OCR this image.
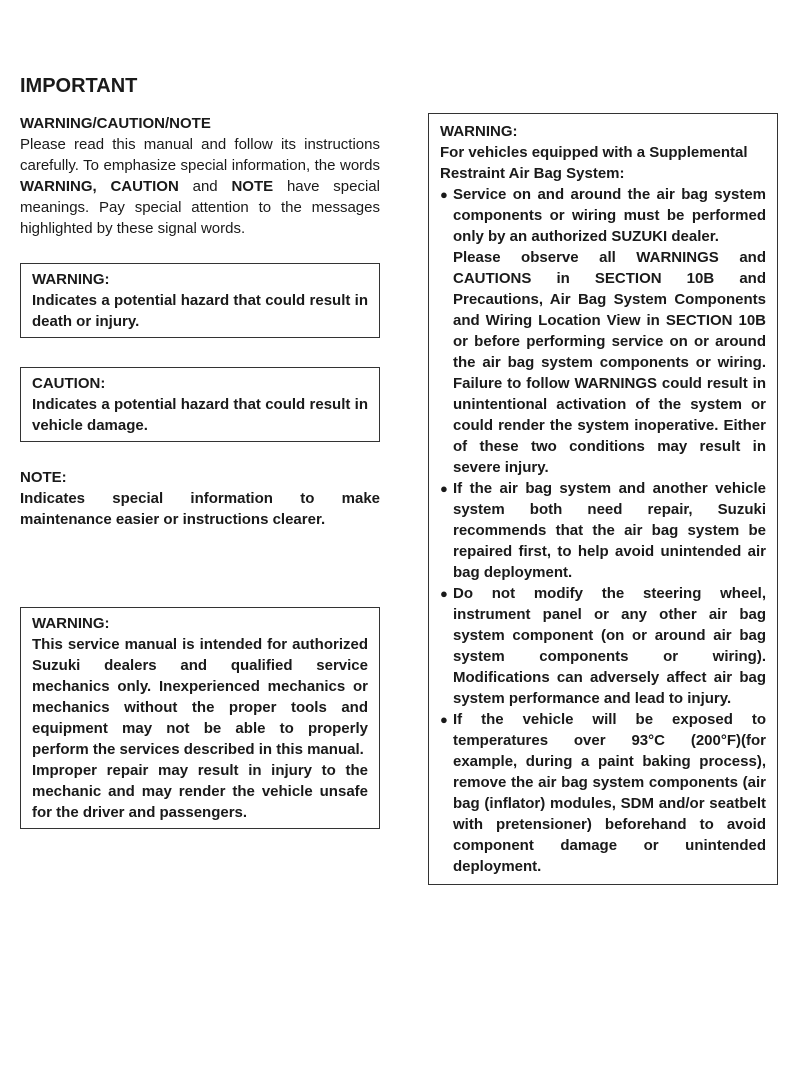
IMPORTANT
WARNING/CAUTION/NOTE

Please read this manual and follow its instructions carefully. To emphasize special information, the words WARNING, CAUTION and NOTE have special meanings. Pay special attention to the messages highlighted by these signal words.

WARNING:

Indicates a potential hazard that could result in death or injury.

CAUTION:

Indicates a potential hazard that could result in vehicle damage.

NOTE:

Indicates special information to make maintenance easier or instructions clearer.

WARNING:

This service manual is intended for authorized Suzuki dealers and qualified service mechanics only. Inexperienced mechanics or mechanics without the proper tools and equipment may not be able to properly perform the services described in this manual.

Improper repair may result in injury to the mechanic and may render the vehicle unsafe for the driver and passengers.

WARNING:

For vehicles equipped with a Supplemental Restraint Air Bag System:

● Service on and around the air bag system components or wiring must be performed only by an authorized SUZUKI dealer.

Please observe all WARNINGS and CAUTIONS in SECTION 10B and Precautions, Air Bag System Components and Wiring Location View in SECTION 10B or before performing service on or around the air bag system components or wiring. Failure to follow WARNINGS could result in unintentional activation of the system or could render the system inoperative. Either of these two conditions may result in severe injury.

● If the air bag system and another vehicle system both need repair, Suzuki recommends that the air bag system be repaired first, to help avoid unintended air bag deployment.

● Do not modify the steering wheel, instrument panel or any other air bag system component (on or around air bag system components or wiring). Modifications can adversely affect air bag system performance and lead to injury.

● If the vehicle will be exposed to temperatures over 93°C (200°F)(for example, during a paint baking process), remove the air bag system components (air bag (inflator) modules, SDM and/or seatbelt with pretensioner) beforehand to avoid component damage or unintended deployment.
